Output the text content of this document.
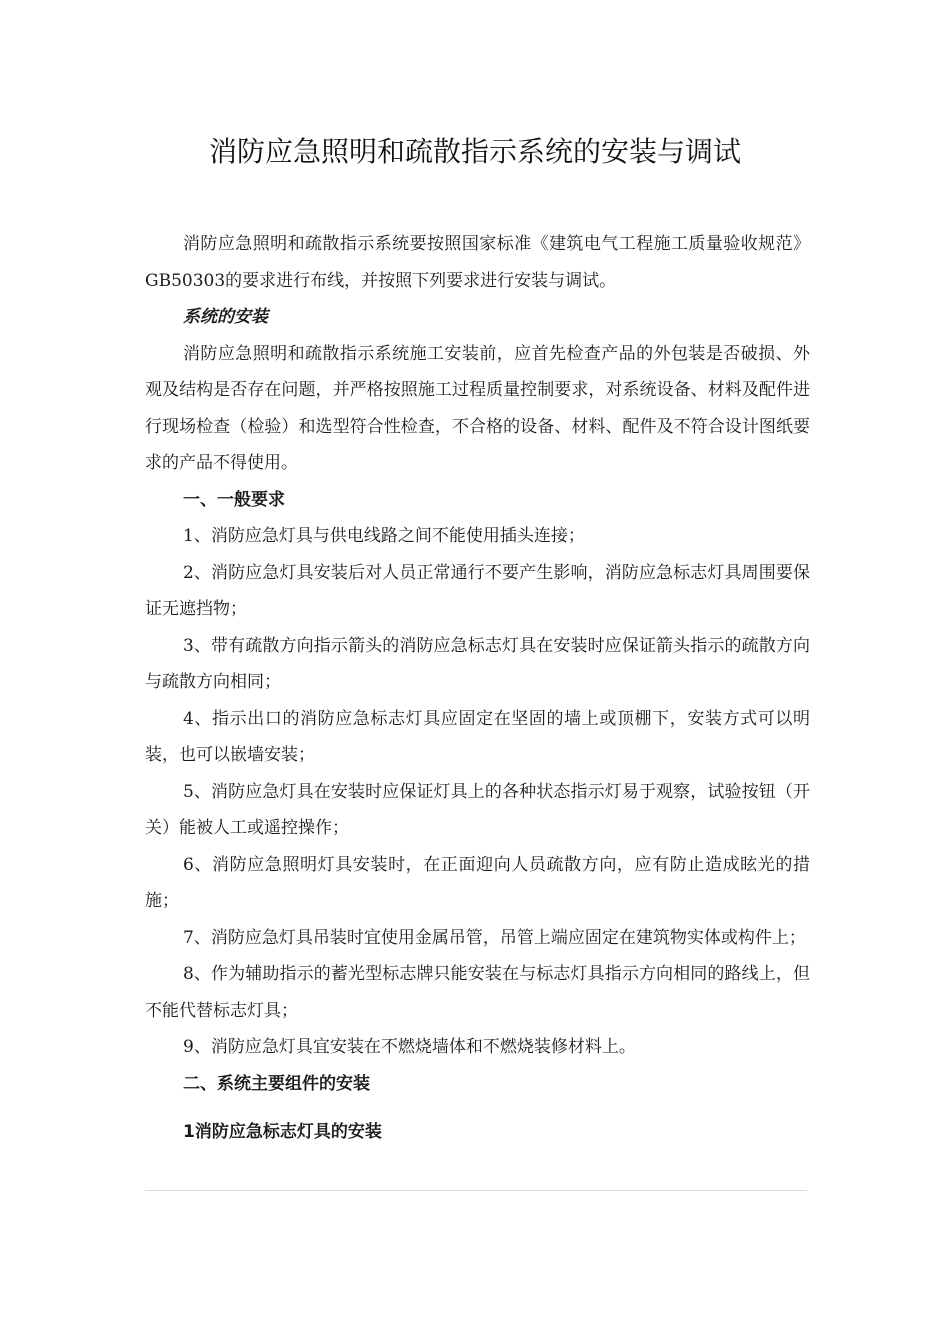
消防应急照明和疏散指示系统的安装与调试

消防应急照明和疏散指示系统要按照国家标准《建筑电气工程施工质量验收规范》GB50303的要求进行布线，并按照下列要求进行安装与调试。

系统的安装

消防应急照明和疏散指示系统施工安装前，应首先检查产品的外包装是否破损、外观及结构是否存在问题，并严格按照施工过程质量控制要求，对系统设备、材料及配件进行现场检查（检验）和选型符合性检查，不合格的设备、材料、配件及不符合设计图纸要求的产品不得使用。

一、一般要求

1、消防应急灯具与供电线路之间不能使用插头连接；

2、消防应急灯具安装后对人员正常通行不要产生影响，消防应急标志灯具周围要保证无遮挡物；

3、带有疏散方向指示箭头的消防应急标志灯具在安装时应保证箭头指示的疏散方向与疏散方向相同；

4、指示出口的消防应急标志灯具应固定在坚固的墙上或顶棚下，安装方式可以明装，也可以嵌墙安装；

5、消防应急灯具在安装时应保证灯具上的各种状态指示灯易于观察，试验按钮（开关）能被人工或遥控操作；

6、消防应急照明灯具安装时，在正面迎向人员疏散方向，应有防止造成眩光的措施；

7、消防应急灯具吊装时宜使用金属吊管，吊管上端应固定在建筑物实体或构件上；

8、作为辅助指示的蓄光型标志牌只能安装在与标志灯具指示方向相同的路线上，但不能代替标志灯具；

9、消防应急灯具宜安装在不燃烧墙体和不燃烧装修材料上。

二、系统主要组件的安装

1消防应急标志灯具的安装
